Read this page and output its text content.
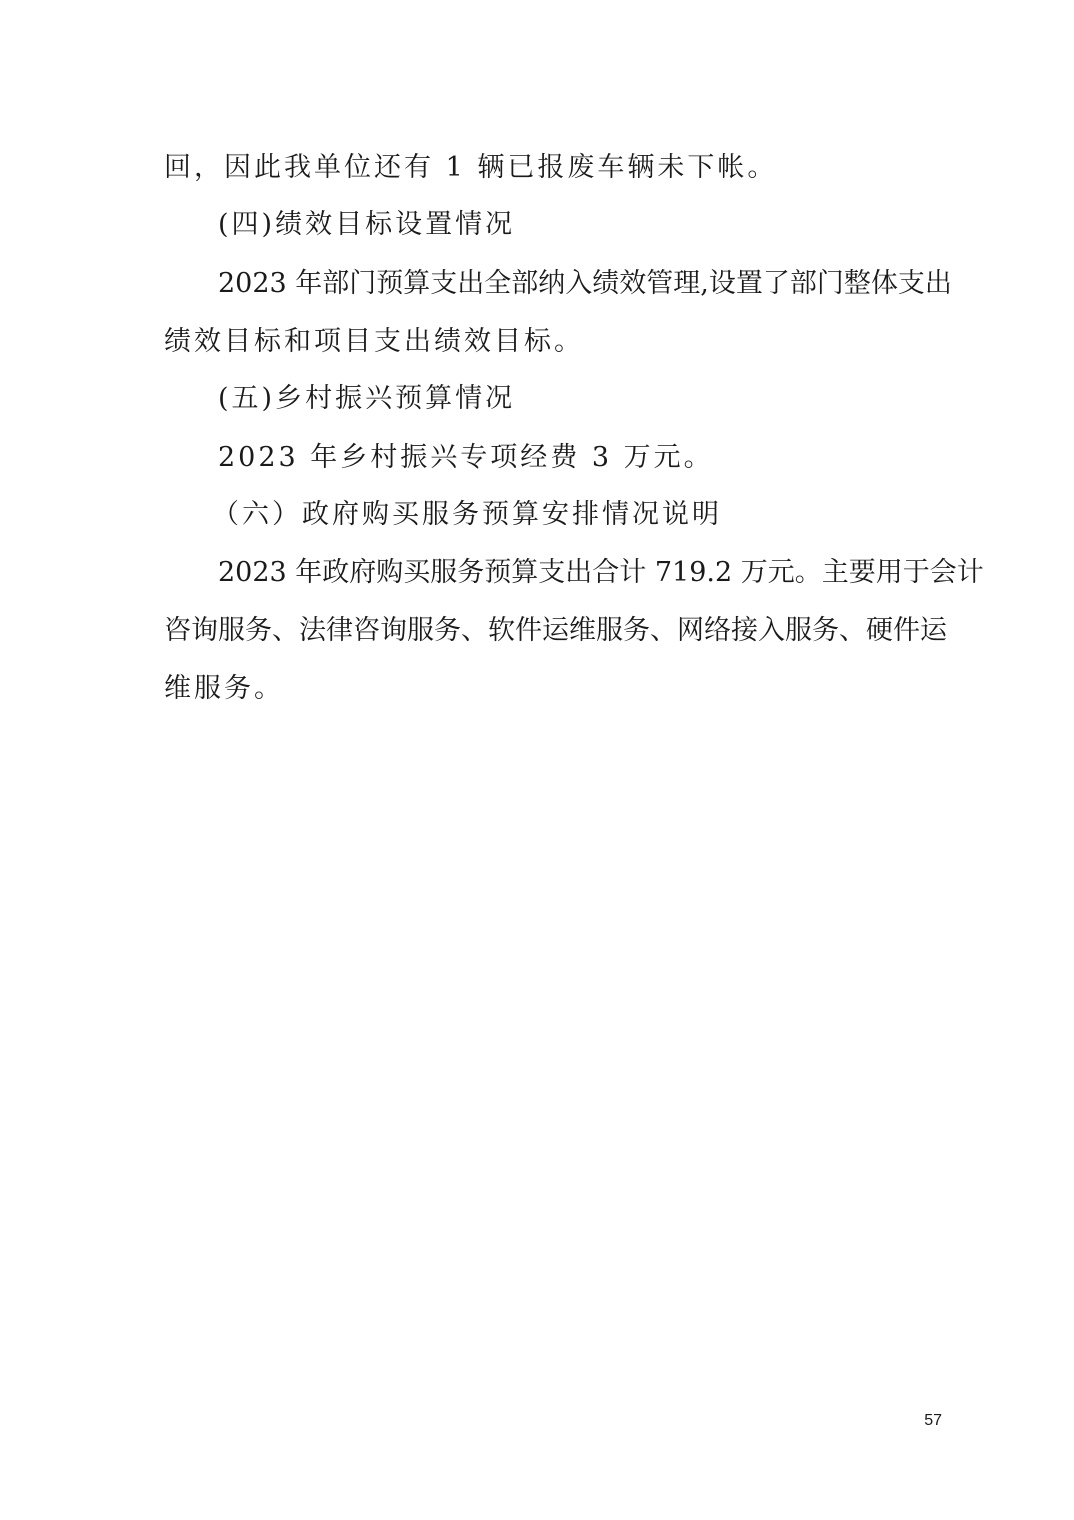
回，因此我单位还有 1 辆已报废车辆未下帐。
(四)绩效目标设置情况
2023 年部门预算支出全部纳入绩效管理,设置了部门整体支出
绩效目标和项目支出绩效目标。
(五)乡村振兴预算情况
2023 年乡村振兴专项经费 3 万元。
（六）政府购买服务预算安排情况说明
2023 年政府购买服务预算支出合计 719.2 万元。主要用于会计
咨询服务、法律咨询服务、软件运维服务、网络接入服务、硬件运
维服务。
57
